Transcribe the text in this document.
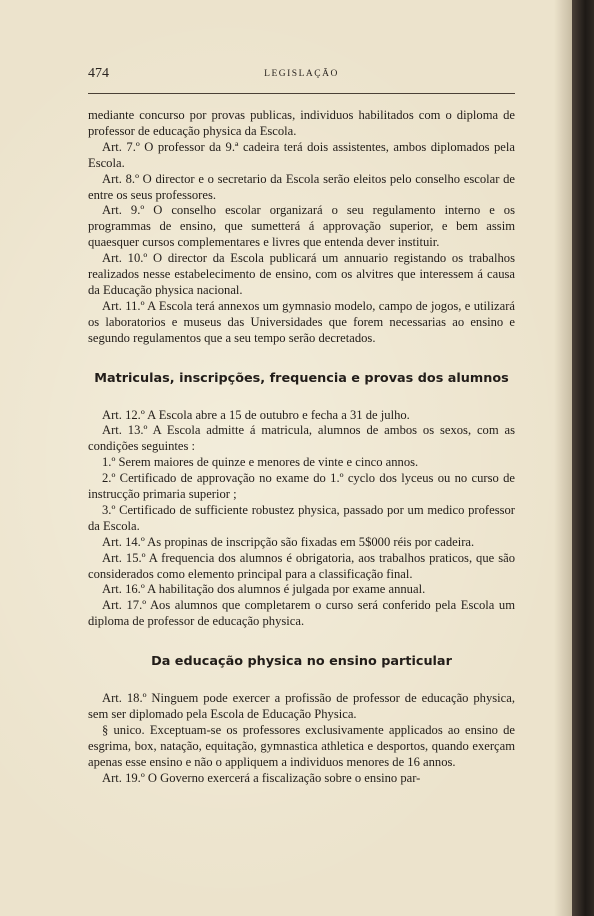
474	LEGISLAÇÃO

mediante concurso por provas publicas, individuos habilitados com o diploma de professor de educação physica da Escola.

Art. 7.º O professor da 9.ª cadeira terá dois assistentes, ambos diplomados pela Escola.

Art. 8.º O director e o secretario da Escola serão eleitos pelo conselho escolar de entre os seus professores.

Art. 9.º O conselho escolar organizará o seu regulamento interno e os programmas de ensino, que sumetterá á approvação superior, e bem assim quaesquer cursos complementares e livres que entenda dever instituir.

Art. 10.º O director da Escola publicará um annuario registando os trabalhos realizados nesse estabelecimento de ensino, com os alvitres que interessem á causa da Educação physica nacional.

Art. 11.º A Escola terá annexos um gymnasio modelo, campo de jogos, e utilizará os laboratorios e museus das Universidades que forem necessarias ao ensino e segundo regulamentos que a seu tempo serão decretados.

Matriculas, inscripções, frequencia e provas dos alumnos

Art. 12.º A Escola abre a 15 de outubro e fecha a 31 de julho.

Art. 13.º A Escola admitte á matricula, alumnos de ambos os sexos, com as condições seguintes :

1.º Serem maiores de quinze e menores de vinte e cinco annos.

2.º Certificado de approvação no exame do 1.º cyclo dos lyceus ou no curso de instrucção primaria superior ;

3.º Certificado de sufficiente robustez physica, passado por um medico professor da Escola.

Art. 14.º As propinas de inscripção são fixadas em 5$000 réis por cadeira.

Art. 15.º A frequencia dos alumnos é obrigatoria, aos trabalhos praticos, que são considerados como elemento principal para a classificação final.

Art. 16.º A habilitação dos alumnos é julgada por exame annual.

Art. 17.º Aos alumnos que completarem o curso será conferido pela Escola um diploma de professor de educação physica.

Da educação physica no ensino particular

Art. 18.º Ninguem pode exercer a profissão de professor de educação physica, sem ser diplomado pela Escola de Educação Physica.

§ unico. Exceptuam-se os professores exclusivamente applicados ao ensino de esgrima, box, natação, equitação, gymnastica athletica e desportos, quando exerçam apenas esse ensino e não o appliquem a individuos menores de 16 annos.

Art. 19.º O Governo exercerá a fiscalização sobre o ensino par-
